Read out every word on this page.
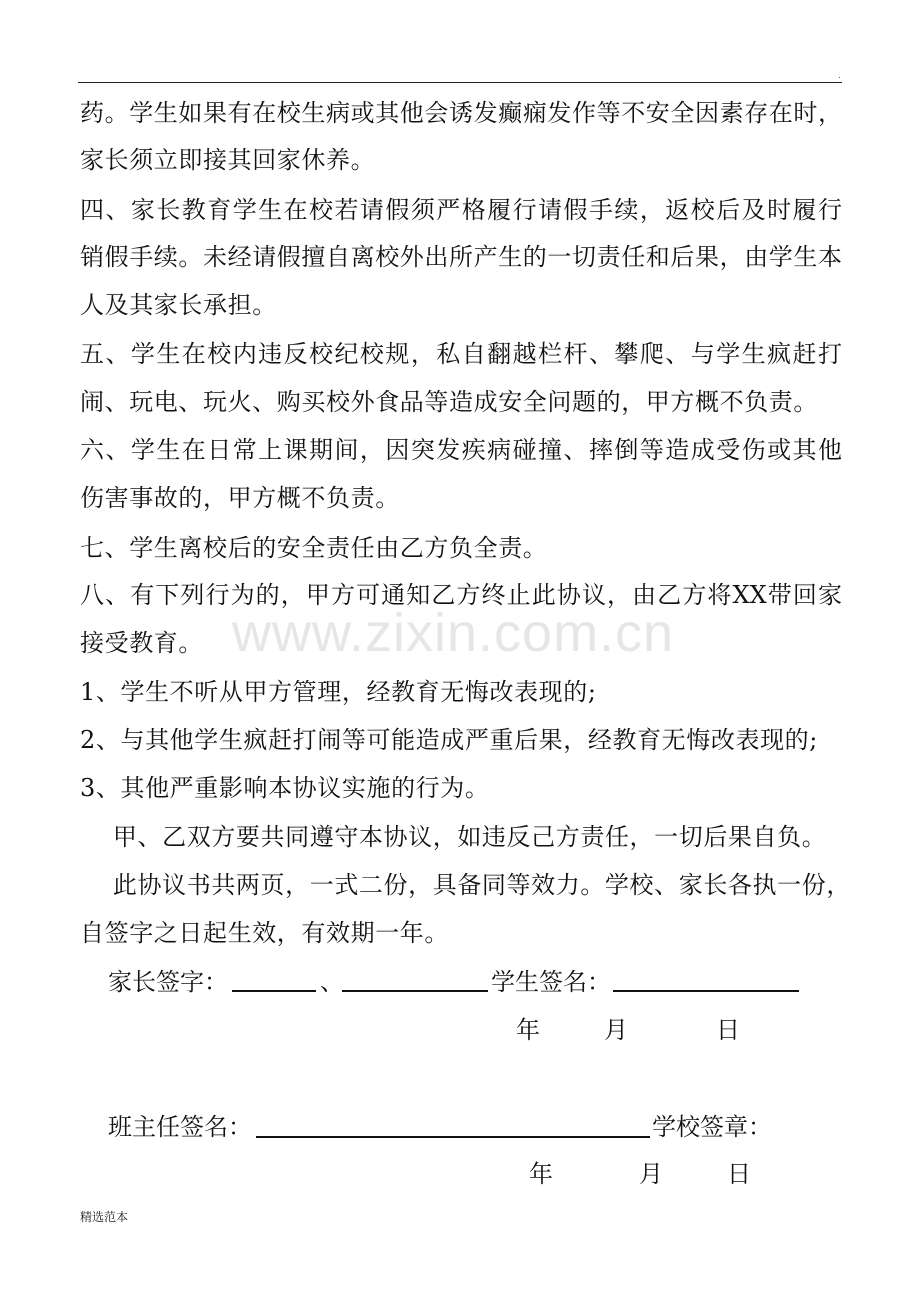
.
www.zixin.com.cn
药。学生如果有在校生病或其他会诱发癫痫发作等不安全因素存在时，
家长须立即接其回家休养。
四、家长教育学生在校若请假须严格履行请假手续，返校后及时履行
销假手续。未经请假擅自离校外出所产生的一切责任和后果，由学生本
人及其家长承担。
五、学生在校内违反校纪校规，私自翻越栏杆、攀爬、与学生疯赶打
闹、玩电、玩火、购买校外食品等造成安全问题的，甲方概不负责。
六、学生在日常上课期间，因突发疾病碰撞、摔倒等造成受伤或其他
伤害事故的，甲方概不负责。
七、学生离校后的安全责任由乙方负全责。
八、有下列行为的，甲方可通知乙方终止此协议，由乙方将XX带回家
接受教育。
1、学生不听从甲方管理，经教育无悔改表现的;
2、与其他学生疯赶打闹等可能造成严重后果，经教育无悔改表现的;
3、其他严重影响本协议实施的行为。
甲、乙双方要共同遵守本协议，如违反己方责任，一切后果自负。
此协议书共两页，一式二份，具备同等效力。学校、家长各执一份，
自签字之日起生效，有效期一年。
家长签字：	、	学生签名：
年	月	日
班主任签名：	学校签章：
年	月	日
精选范本
